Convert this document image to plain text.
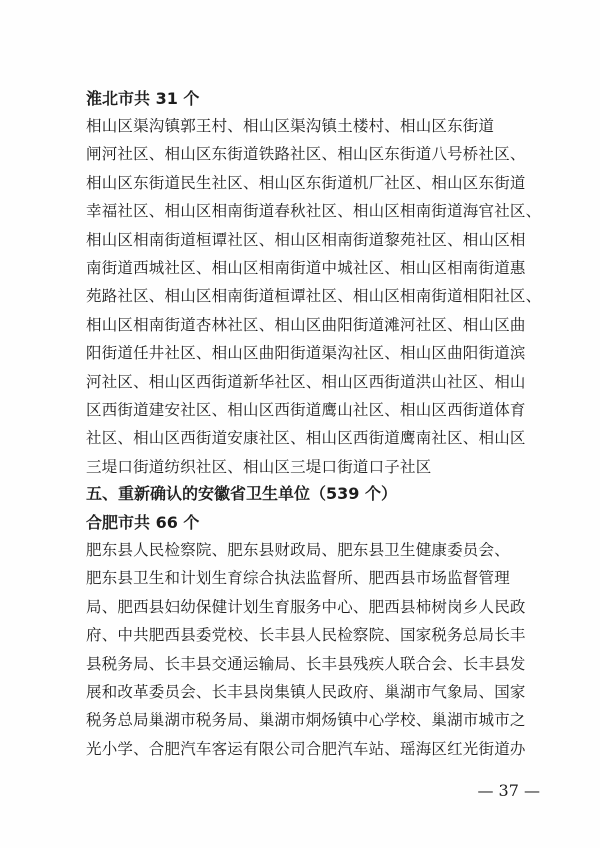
淮北市共 31 个
相山区渠沟镇郭王村、相山区渠沟镇土楼村、相山区东街道
闸河社区、相山区东街道铁路社区、相山区东街道八号桥社区、
相山区东街道民生社区、相山区东街道机厂社区、相山区东街道
幸福社区、相山区相南街道春秋社区、相山区相南街道海官社区、
相山区相南街道桓谭社区、相山区相南街道黎苑社区、相山区相
南街道西城社区、相山区相南街道中城社区、相山区相南街道惠
苑路社区、相山区相南街道桓谭社区、相山区相南街道相阳社区、
相山区相南街道杏林社区、相山区曲阳街道滩河社区、相山区曲
阳街道任井社区、相山区曲阳街道渠沟社区、相山区曲阳街道滨
河社区、相山区西街道新华社区、相山区西街道洪山社区、相山
区西街道建安社区、相山区西街道鹰山社区、相山区西街道体育
社区、相山区西街道安康社区、相山区西街道鹰南社区、相山区
三堤口街道纺织社区、相山区三堤口街道口子社区
五、重新确认的安徽省卫生单位（539 个）
合肥市共 66 个
肥东县人民检察院、肥东县财政局、肥东县卫生健康委员会、
肥东县卫生和计划生育综合执法监督所、肥西县市场监督管理
局、肥西县妇幼保健计划生育服务中心、肥西县柿树岗乡人民政
府、中共肥西县委党校、长丰县人民检察院、国家税务总局长丰
县税务局、长丰县交通运输局、长丰县残疾人联合会、长丰县发
展和改革委员会、长丰县岗集镇人民政府、巢湖市气象局、国家
税务总局巢湖市税务局、巢湖市烔炀镇中心学校、巢湖市城市之
光小学、合肥汽车客运有限公司合肥汽车站、瑶海区红光街道办
— 37 —
